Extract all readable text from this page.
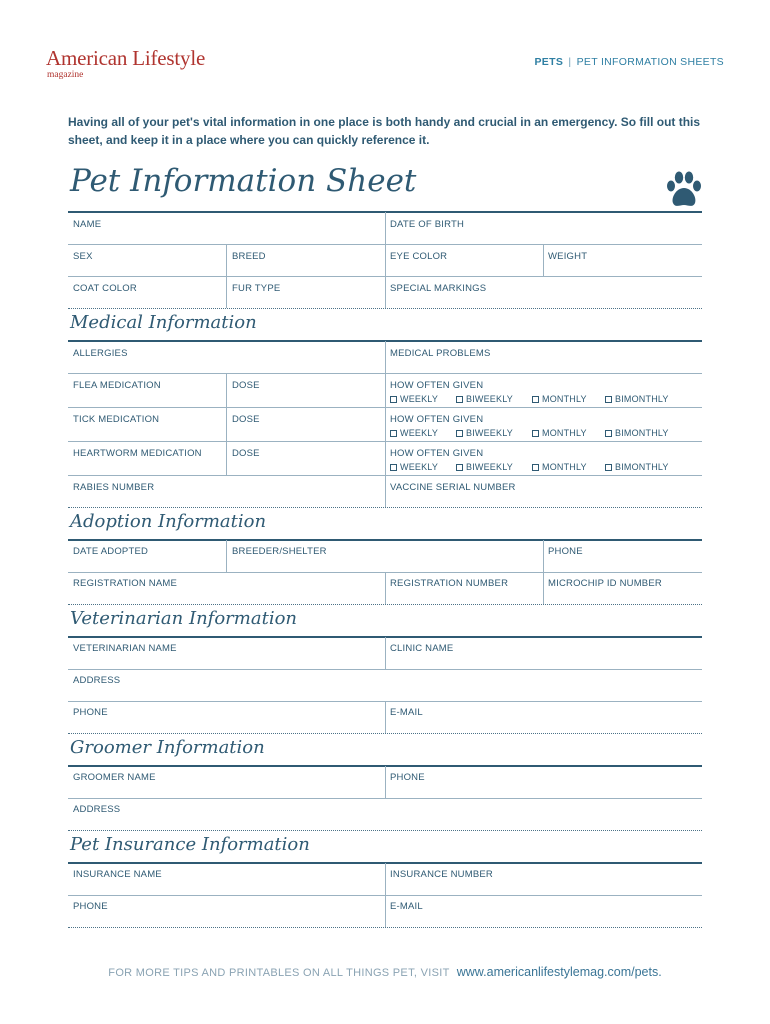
American Lifestyle
magazine
PETS | PET INFORMATION SHEETS

Having all of your pet's vital information in one place is both handy and crucial in an emergency. So fill out this sheet, and keep it in a place where you can quickly reference it.

Pet Information Sheet
NAME	DATE OF BIRTH
SEX	BREED	EYE COLOR	WEIGHT
COAT COLOR	FUR TYPE	SPECIAL MARKINGS
Medical Information
ALLERGIES	MEDICAL PROBLEMS
FLEA MEDICATION	DOSE	HOW OFTEN GIVEN
WEEKLY	BIWEEKLY	MONTHLY	BIMONTHLY
TICK MEDICATION	DOSE	HOW OFTEN GIVEN
WEEKLY	BIWEEKLY	MONTHLY	BIMONTHLY
HEARTWORM MEDICATION	DOSE	HOW OFTEN GIVEN
WEEKLY	BIWEEKLY	MONTHLY	BIMONTHLY
RABIES NUMBER	VACCINE SERIAL NUMBER
Adoption Information
DATE ADOPTED	BREEDER/SHELTER	PHONE
REGISTRATION NAME	REGISTRATION NUMBER	MICROCHIP ID NUMBER
Veterinarian Information
VETERINARIAN NAME	CLINIC NAME
ADDRESS
PHONE	E-MAIL
Groomer Information
GROOMER NAME	PHONE
ADDRESS
Pet Insurance Information
INSURANCE NAME	INSURANCE NUMBER
PHONE	E-MAIL
FOR MORE TIPS AND PRINTABLES ON ALL THINGS PET, VISIT www.americanlifestylemag.com/pets.
